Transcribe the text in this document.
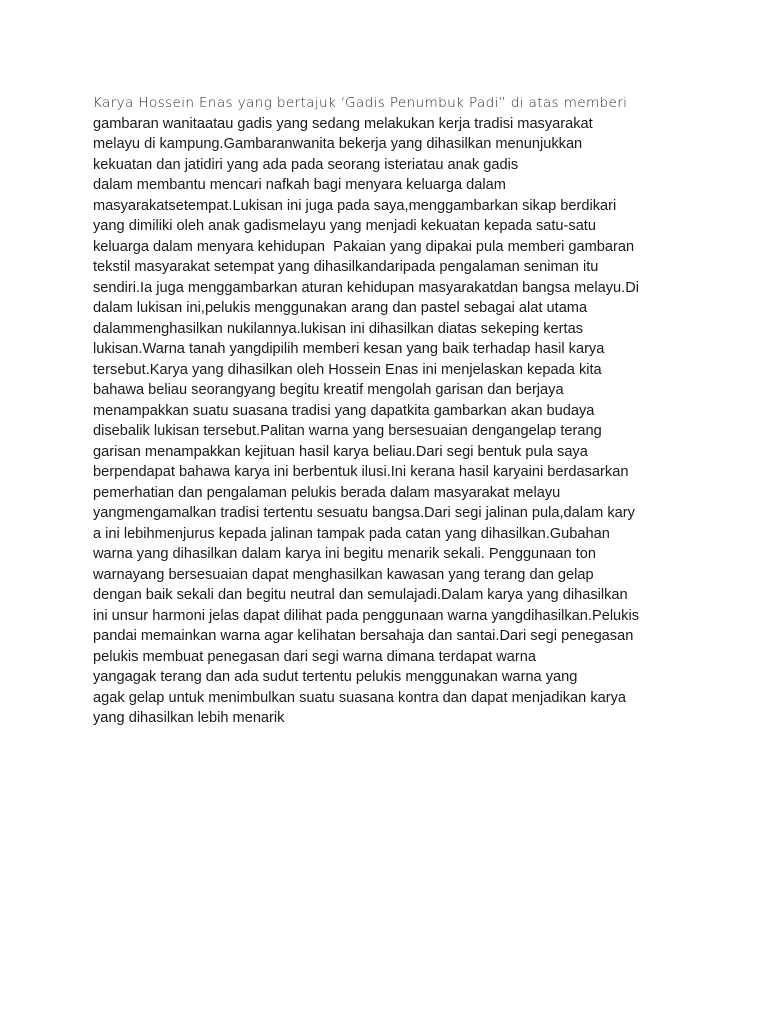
Karya Hossein Enas yang bertajuk ‘Gadis Penumbuk Padi” di atas memberi
gambaran wanitaatau gadis yang sedang melakukan kerja tradisi masyarakat
melayu di kampung.Gambaranwanita bekerja yang dihasilkan menunjukkan
kekuatan dan jatidiri yang ada pada seorang isteriatau anak gadis
dalam membantu mencari nafkah bagi menyara keluarga dalam
masyarakatsetempat.Lukisan ini juga pada saya,menggambarkan sikap berdikari
yang dimiliki oleh anak gadismelayu yang menjadi kekuatan kepada satu-satu
keluarga dalam menyara kehidupan  Pakaian yang dipakai pula memberi gambaran
tekstil masyarakat setempat yang dihasilkandaripada pengalaman seniman itu
sendiri.Ia juga menggambarkan aturan kehidupan masyarakatdan bangsa melayu.Di
dalam lukisan ini,pelukis menggunakan arang dan pastel sebagai alat utama
dalammenghasilkan nukilannya.lukisan ini dihasilkan diatas sekeping kertas
lukisan.Warna tanah yangdipilih memberi kesan yang baik terhadap hasil karya
tersebut.Karya yang dihasilkan oleh Hossein Enas ini menjelaskan kepada kita
bahawa beliau seorangyang begitu kreatif mengolah garisan dan berjaya
menampakkan suatu suasana tradisi yang dapatkita gambarkan akan budaya
disebalik lukisan tersebut.Palitan warna yang bersesuaian dengangelap terang
garisan menampakkan kejituan hasil karya beliau.Dari segi bentuk pula saya
berpendapat bahawa karya ini berbentuk ilusi.Ini kerana hasil karyaini berdasarkan
pemerhatian dan pengalaman pelukis berada dalam masyarakat melayu
yangmengamalkan tradisi tertentu sesuatu bangsa.Dari segi jalinan pula,dalam kary
a ini lebihmenjurus kepada jalinan tampak pada catan yang dihasilkan.Gubahan
warna yang dihasilkan dalam karya ini begitu menarik sekali. Penggunaan ton
warnayang bersesuaian dapat menghasilkan kawasan yang terang dan gelap
dengan baik sekali dan begitu neutral dan semulajadi.Dalam karya yang dihasilkan
ini unsur harmoni jelas dapat dilihat pada penggunaan warna yangdihasilkan.Pelukis
pandai memainkan warna agar kelihatan bersahaja dan santai.Dari segi penegasan
pelukis membuat penegasan dari segi warna dimana terdapat warna
yangagak terang dan ada sudut tertentu pelukis menggunakan warna yang
agak gelap untuk menimbulkan suatu suasana kontra dan dapat menjadikan karya
yang dihasilkan lebih menarik
